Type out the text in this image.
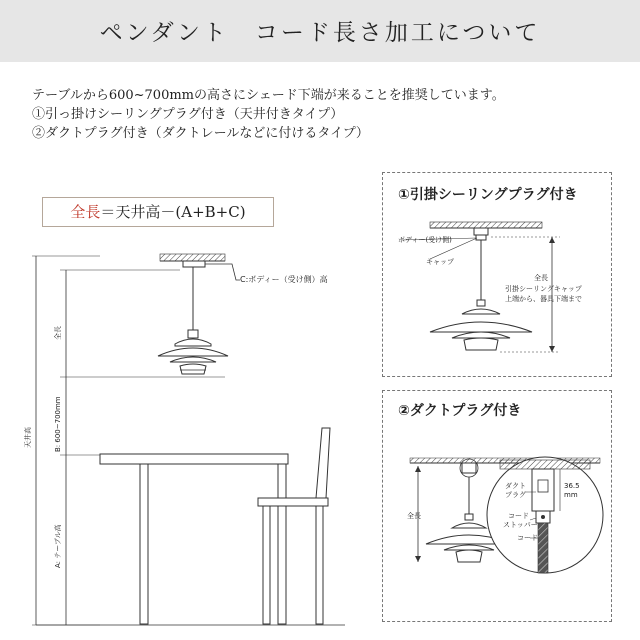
ペンダント　コード長さ加工について
テーブルから600~700mmの高さにシェード下端が来ることを推奨しています。
①引っ掛けシーリングプラグ付き（天井付きタイプ）
②ダクトプラグ付き（ダクトレールなどに付けるタイプ）
全長＝天井高－(A+B+C)
①引掛シーリングプラグ付き
②ダクトプラグ付き
C:ボディー（受け側）高
全長
B: 600~700mm
A: テーブル高
天井高
ボディー(受け側)
キャップ
全長
引掛シーリングキャップ
上端から、器具下端まで
全長
36.5
mm
ダクト
プラグ
コード
ストッパー
コード
